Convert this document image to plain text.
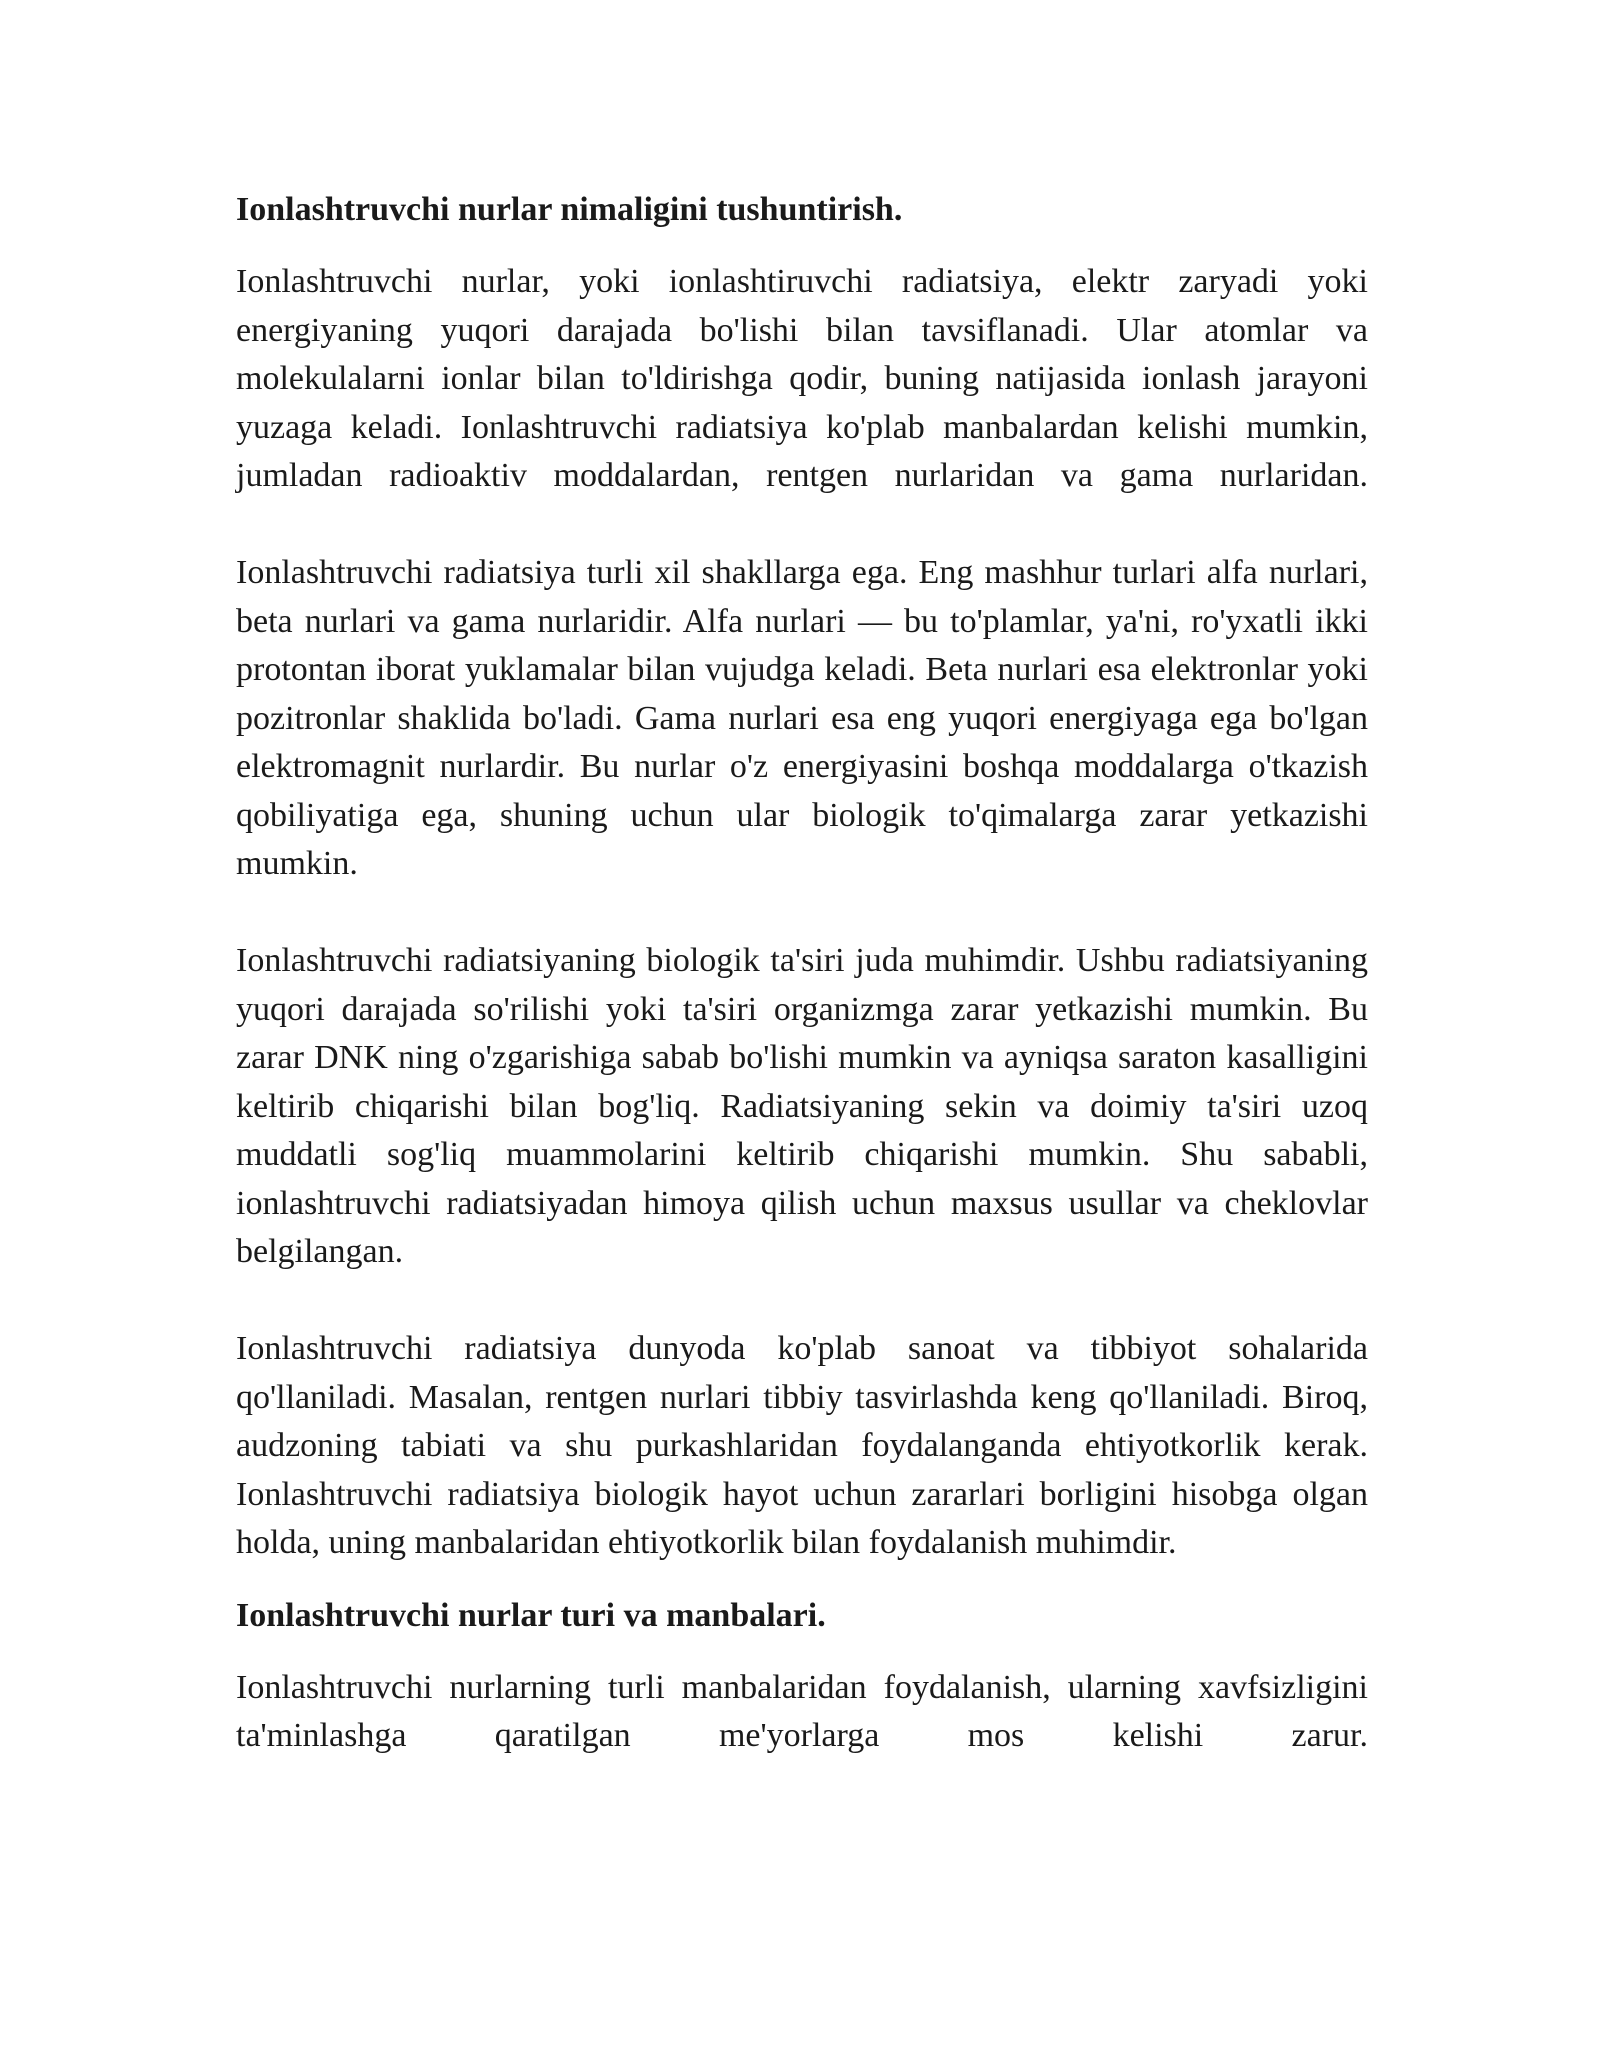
Ionlashtruvchi nurlar nimaligini tushuntirish.

Ionlashtruvchi nurlar, yoki ionlashtiruvchi radiatsiya, elektr zaryadi yoki energiyaning yuqori darajada bo'lishi bilan tavsiflanadi. Ular atomlar va molekulalarni ionlar bilan to'ldirishga qodir, buning natijasida ionlash jarayoni yuzaga keladi. Ionlashtruvchi radiatsiya ko'plab manbalardan kelishi mumkin, jumladan radioaktiv moddalardan, rentgen nurlaridan va gama nurlaridan.

Ionlashtruvchi radiatsiya turli xil shakllarga ega. Eng mashhur turlari alfa nurlari, beta nurlari va gama nurlaridir. Alfa nurlari — bu to'plamlar, ya'ni, ro'yxatli ikki protontan iborat yuklamalar bilan vujudga keladi. Beta nurlari esa elektronlar yoki pozitronlar shaklida bo'ladi. Gama nurlari esa eng yuqori energiyaga ega bo'lgan elektromagnit nurlardir. Bu nurlar o'z energiyasini boshqa moddalarga o'tkazish qobiliyatiga ega, shuning uchun ular biologik to'qimalarga zarar yetkazishi mumkin.

Ionlashtruvchi radiatsiyaning biologik ta'siri juda muhimdir. Ushbu radiatsiyaning yuqori darajada so'rilishi yoki ta'siri organizmga zarar yetkazishi mumkin. Bu zarar DNK ning o'zgarishiga sabab bo'lishi mumkin va ayniqsa saraton kasalligini keltirib chiqarishi bilan bog'liq. Radiatsiyaning sekin va doimiy ta'siri uzoq muddatli sog'liq muammolarini keltirib chiqarishi mumkin. Shu sababli, ionlashtruvchi radiatsiyadan himoya qilish uchun maxsus usullar va cheklovlar belgilangan.

Ionlashtruvchi radiatsiya dunyoda ko'plab sanoat va tibbiyot sohalarida qo'llaniladi. Masalan, rentgen nurlari tibbiy tasvirlashda keng qo'llaniladi. Biroq, audzoning tabiati va shu purkashlaridan foydalanganda ehtiyotkorlik kerak. Ionlashtruvchi radiatsiya biologik hayot uchun zararlari borligini hisobga olgan holda, uning manbalaridan ehtiyotkorlik bilan foydalanish muhimdir.

Ionlashtruvchi nurlar turi va manbalari.

Ionlashtruvchi nurlarning turli manbalaridan foydalanish, ularning xavfsizligini ta'minlashga qaratilgan me'yorlarga mos kelishi zarur.
